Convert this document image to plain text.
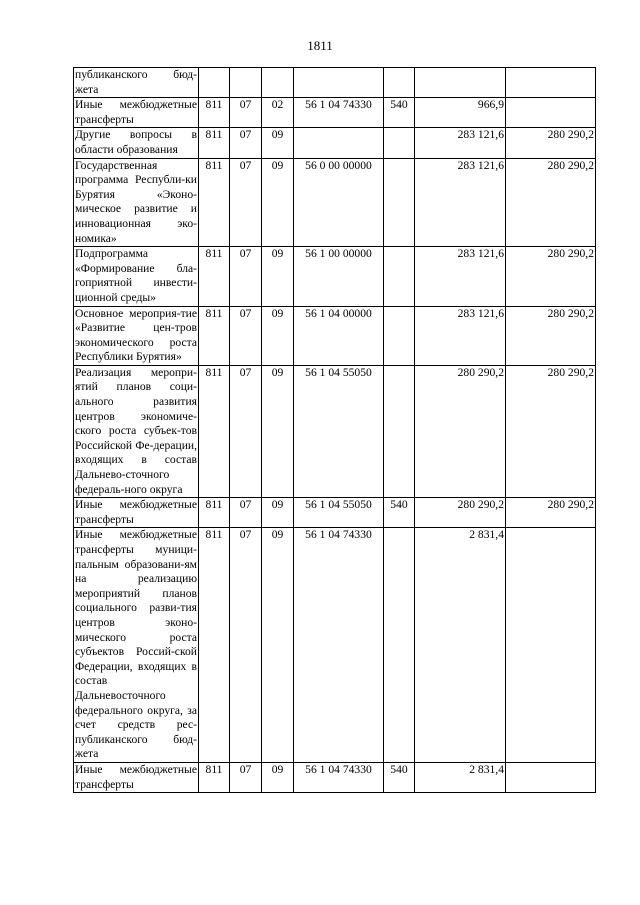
1811
публиканского бюд- жета							
Иные межбюджетные трансферты	811	07	02	56 1 04 74330	540	966,9	
Другие вопросы в области образования	811	07	09			283 121,6	280 290,2
Государственная программа Республи-ки Бурятия «Эконо-мическое развитие и инновационная эко-номика»	811	07	09	56 0 00 00000		283 121,6	280 290,2
Подпрограмма «Формирование бла-гоприятной инвести-ционной среды»	811	07	09	56 1 00 00000		283 121,6	280 290,2
Основное мероприя-тие «Развитие цен-тров экономического роста Республики Бурятия»	811	07	09	56 1 04 00000		283 121,6	280 290,2
Реализация меропри-ятий планов соци-ального развития центров экономиче-ского роста субъек-тов Российской Фе-дерации, входящих в состав Дальнево-сточного федераль-ного округа	811	07	09	56 1 04 55050		280 290,2	280 290,2
Иные межбюджетные трансферты	811	07	09	56 1 04 55050	540	280 290,2	280 290,2
Иные межбюджетные трансферты муници-пальным образовани-ям на реализацию мероприятий планов социального разви-тия центров эконо-мического роста субъектов Россий-ской Федерации, входящих в состав Дальневосточного федерального округа, за счет средств рес-публиканского бюд-жета	811	07	09	56 1 04 74330		2 831,4	
Иные межбюджетные трансферты	811	07	09	56 1 04 74330	540	2 831,4	
